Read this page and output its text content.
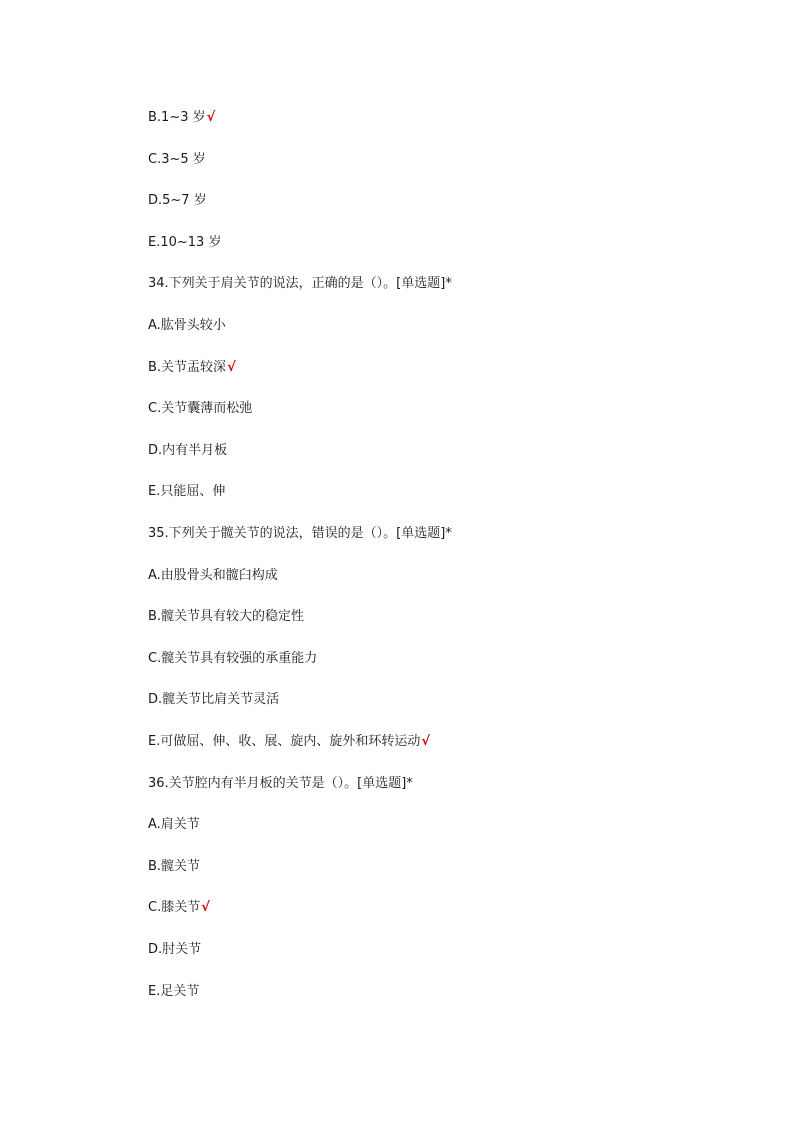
B.1~3 岁√
C.3~5 岁
D.5~7 岁
E.10~13 岁
34.下列关于肩关节的说法，正确的是（）。[单选题]*
A.肱骨头较小
B.关节盂较深√
C.关节囊薄而松弛
D.内有半月板
E.只能屈、伸
35.下列关于髋关节的说法，错误的是（）。[单选题]*
A.由股骨头和髋臼构成
B.髋关节具有较大的稳定性
C.髋关节具有较强的承重能力
D.髋关节比肩关节灵活
E.可做屈、伸、收、展、旋内、旋外和环转运动√
36.关节腔内有半月板的关节是（）。[单选题]*
A.肩关节
B.髋关节
C.膝关节√
D.肘关节
E.足关节
